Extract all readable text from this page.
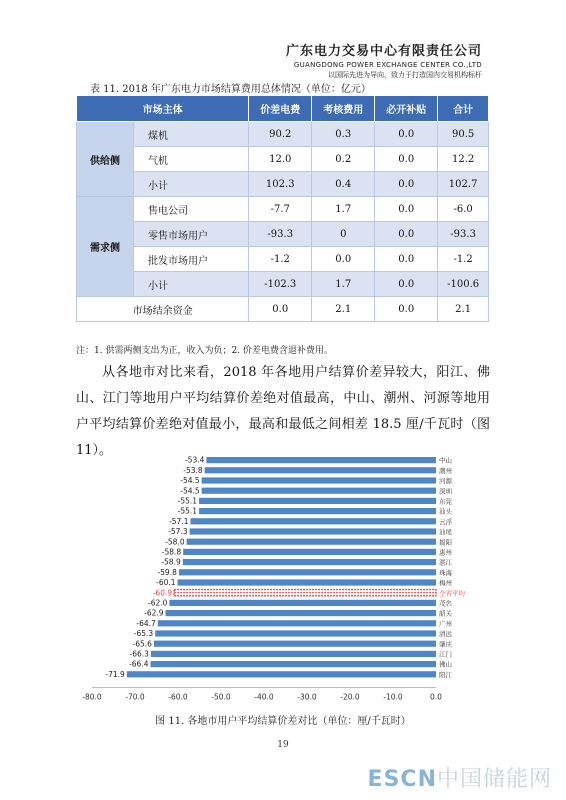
广东电力交易中心有限责任公司
GUANGDONG POWER EXCHANGE CENTER CO.,LTD
以国际先进为导向，致力于打造国内交易机构标杆
表 11. 2018 年广东电力市场结算费用总体情况（单位：亿元）
市场主体		价差电费	考核费用	必开补贴	合计
供给侧	煤机	90.2	0.3	0.0	90.5
	气机	12.0	0.2	0.0	12.2
	小计	102.3	0.4	0.0	102.7
需求侧	售电公司	-7.7	1.7	0.0	-6.0
	零售市场用户	-93.3	0	0.0	-93.3
	批发市场用户	-1.2	0.0	0.0	-1.2
	小计	-102.3	1.7	0.0	-100.6
市场结余资金		0.0	2.1	0.0	2.1
注：1. 供需两侧支出为正，收入为负；2. 价差电费含退补费用。
从各地市对比来看，2018 年各地用户结算价差异较大，阳江、佛山、江门等地用户平均结算价差绝对值最高，中山、潮州、河源等地用户平均结算价差绝对值最小，最高和最低之间相差 18.5 厘/千瓦时（图 11）。
-53.4	中山
-53.8	潮州
-54.5	河源
-54.5	深圳
-55.1	东莞
-55.1	汕头
-57.1	云浮
-57.3	汕尾
-58.0	揭阳
-58.8	惠州
-58.9	湛江
-59.8	珠海
-60.1	梅州
-60.9	全省平均
-62.0	茂名
-62.9	韶关
-64.7	广州
-65.3	清远
-65.6	肇庆
-66.3	江门
-66.4	佛山
-71.9	阳江
-80.0	-70.0	-60.0	-50.0	-40.0	-30.0	-20.0	-10.0	0.0
图 11. 各地市用户平均结算价差对比（单位：厘/千瓦时）
19
ESCN中国储能网
